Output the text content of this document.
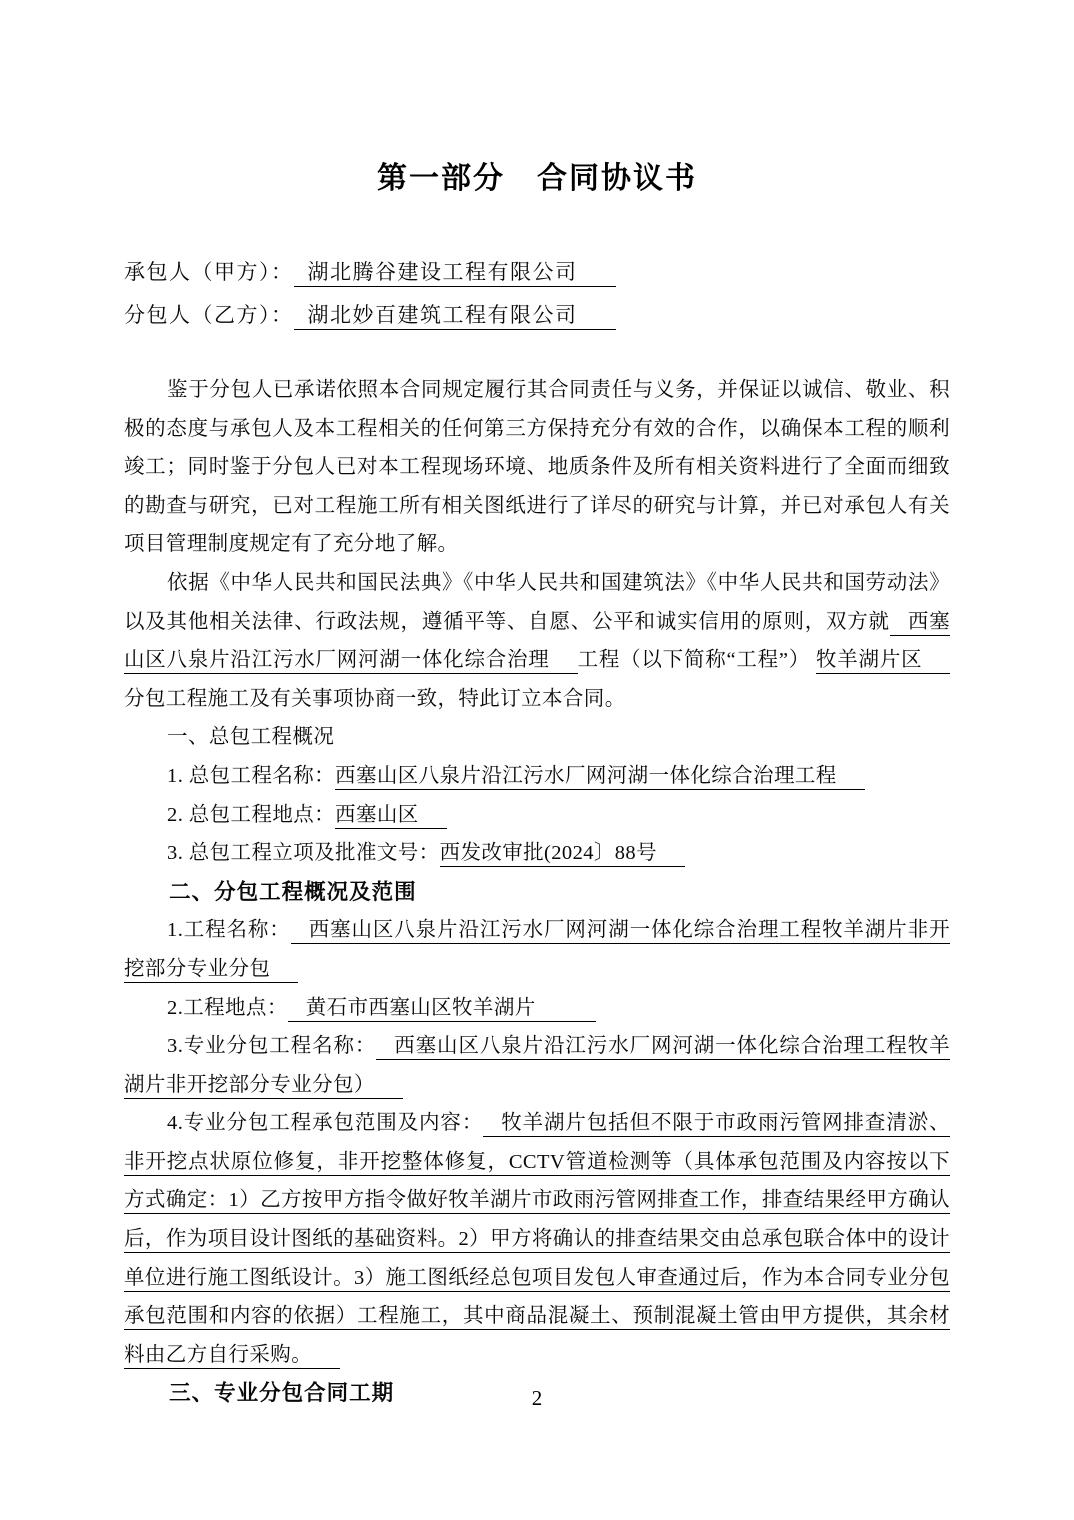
第一部分　合同协议书
承包人（甲方）： 湖北腾谷建设工程有限公司
分包人（乙方）： 湖北妙百建筑工程有限公司

鉴于分包人已承诺依照本合同规定履行其合同责任与义务，并保证以诚信、敬业、积极的态度与承包人及本工程相关的任何第三方保持充分有效的合作，以确保本工程的顺利竣工；同时鉴于分包人已对本工程现场环境、地质条件及所有相关资料进行了全面而细致的勘查与研究，已对工程施工所有相关图纸进行了详尽的研究与计算，并已对承包人有关项目管理制度规定有了充分地了解。

依据《中华人民共和国民法典》《中华人民共和国建筑法》《中华人民共和国劳动法》以及其他相关法律、行政法规，遵循平等、自愿、公平和诚实信用的原则，双方就 西塞山区八泉片沿江污水厂网河湖一体化综合治理 工程（以下简称“工程”） 牧羊湖片区 分包工程施工及有关事项协商一致，特此订立本合同。

一、总包工程概况

1. 总包工程名称：西塞山区八泉片沿江污水厂网河湖一体化综合治理工程

2. 总包工程地点：西塞山区

3. 总包工程立项及批准文号：西发改审批(2024〕88号

二、分包工程概况及范围

1.工程名称： 西塞山区八泉片沿江污水厂网河湖一体化综合治理工程牧羊湖片非开挖部分专业分包

2.工程地点： 黄石市西塞山区牧羊湖片

3.专业分包工程名称： 西塞山区八泉片沿江污水厂网河湖一体化综合治理工程牧羊湖片非开挖部分专业分包）

4.专业分包工程承包范围及内容： 牧羊湖片包括但不限于市政雨污管网排查清淤、非开挖点状原位修复，非开挖整体修复，CCTV管道检测等（具体承包范围及内容按以下方式确定：1）乙方按甲方指令做好牧羊湖片市政雨污管网排查工作，排查结果经甲方确认后，作为项目设计图纸的基础资料。2）甲方将确认的排查结果交由总承包联合体中的设计单位进行施工图纸设计。3）施工图纸经总包项目发包人审查通过后，作为本合同专业分包承包范围和内容的依据）工程施工，其中商品混凝土、预制混凝土管由甲方提供，其余材料由乙方自行采购。

三、专业分包合同工期	2
